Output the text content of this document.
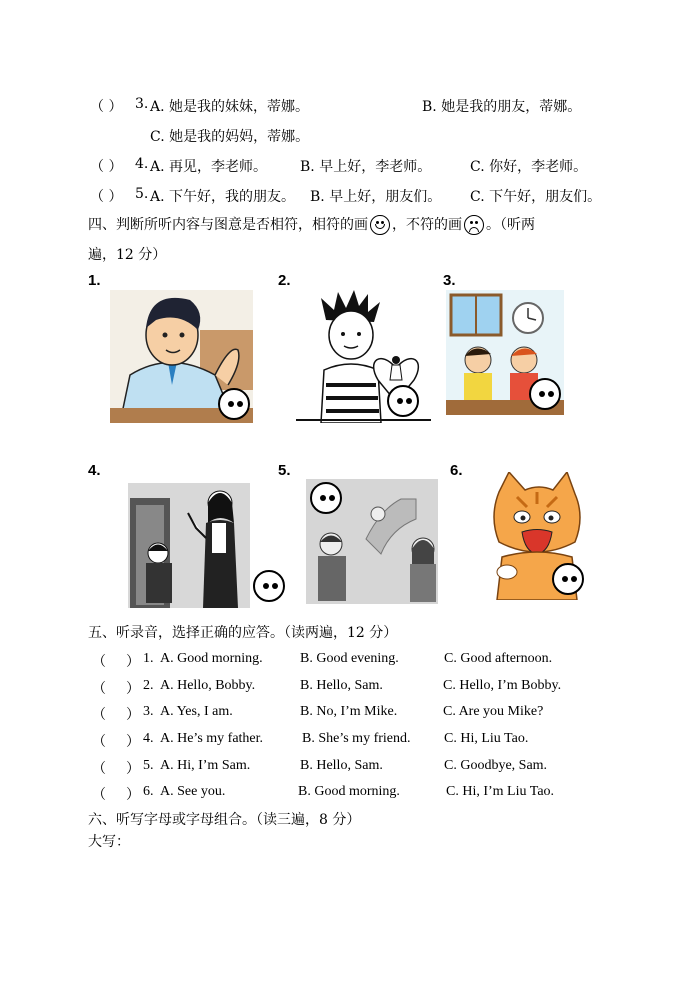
（ ） 3. A. 她是我的妹妹，蒂娜。	B. 她是我的朋友，蒂娜。
C. 她是我的妈妈，蒂娜。
（ ） 4. A. 再见，李老师。 B. 早上好，李老师。	C. 你好，李老师。
（ ） 5. A. 下午好，我的朋友。 B. 早上好，朋友们。 C. 下午好，朋友们。
四、判断所听内容与图意是否相符，相符的画 ，不符的画 。（听两
遍，12 分）
1.	2.	3.
4.	5.	6.
五、听录音，选择正确的应答。（读两遍，12 分）
（ ） 1. A. Good morning.	B. Good evening.	C. Good afternoon.
（ ） 2. A. Hello, Bobby.	B. Hello, Sam.	C. Hello, I’m Bobby.
（ ） 3. A. Yes, I am.	B. No, I’m Mike.	C. Are you Mike?
（ ） 4. A. He’s my father.	B. She’s my friend. C. Hi, Liu Tao.
（ ） 5. A. Hi, I’m Sam.	B. Hello, Sam.	C. Goodbye, Sam.
（ ） 6. A. See you.	B. Good morning.	C. Hi, I’m Liu Tao.
六、听写字母或字母组合。（读三遍，8 分）
大写：
